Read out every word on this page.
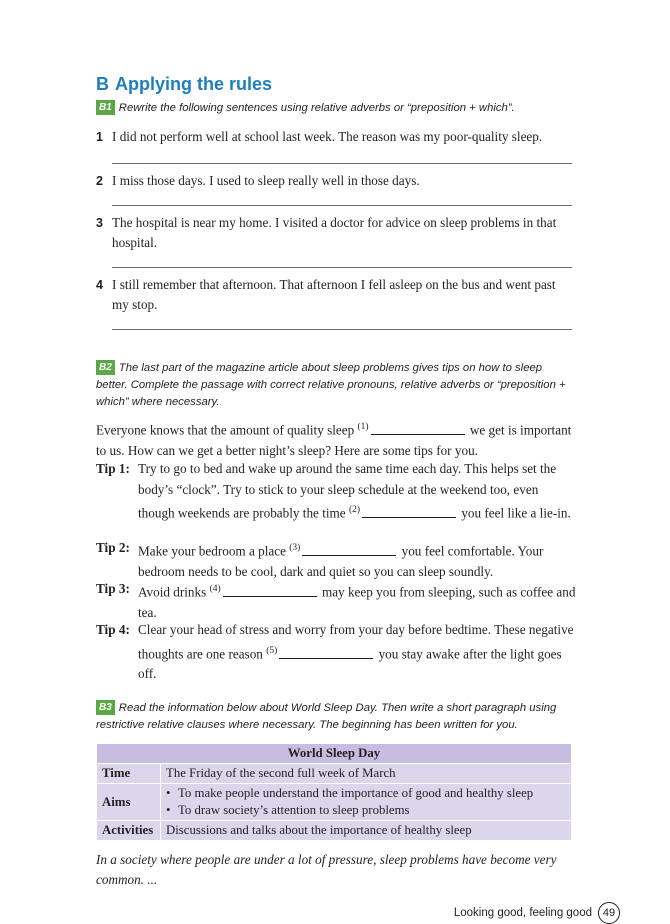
B Applying the rules
B1 Rewrite the following sentences using relative adverbs or “preposition + which”.
1 I did not perform well at school last week. The reason was my poor-quality sleep.
2 I miss those days. I used to sleep really well in those days.
3 The hospital is near my home. I visited a doctor for advice on sleep problems in that hospital.
4 I still remember that afternoon. That afternoon I fell asleep on the bus and went past my stop.
B2 The last part of the magazine article about sleep problems gives tips on how to sleep better. Complete the passage with correct relative pronouns, relative adverbs or “preposition + which” where necessary.
Everyone knows that the amount of quality sleep $^{(1)}$	we get is important to us. How can we get a better night’s sleep? Here are some tips for you.
Tip 1: Try to go to bed and wake up around the same time each day. This helps set the body’s “clock”. Try to stick to your sleep schedule at the weekend too, even though weekends are probably the time $^{(2)}$	you feel like a lie-in.
Tip 2: Make your bedroom a place $^{(3)}$	you feel comfortable. Your bedroom needs to be cool, dark and quiet so you can sleep soundly.
Tip 3: Avoid drinks $^{(4)}$	may keep you from sleeping, such as coffee and tea.
Tip 4: Clear your head of stress and worry from your day before bedtime. These negative thoughts are one reason $^{(5)}$	you stay awake after the light goes off.
B3 Read the information below about World Sleep Day. Then write a short paragraph using restrictive relative clauses where necessary. The beginning has been written for you.
World Sleep Day	
Time	The Friday of the second full week of March
Aims	• To make people understand the importance of good and healthy sleep
• To draw society’s attention to sleep problems

Activities	Discussions and talks about the importance of healthy sleep
In a society where people are under a lot of pressure, sleep problems have become very common. ...
Looking good, feeling good 49
